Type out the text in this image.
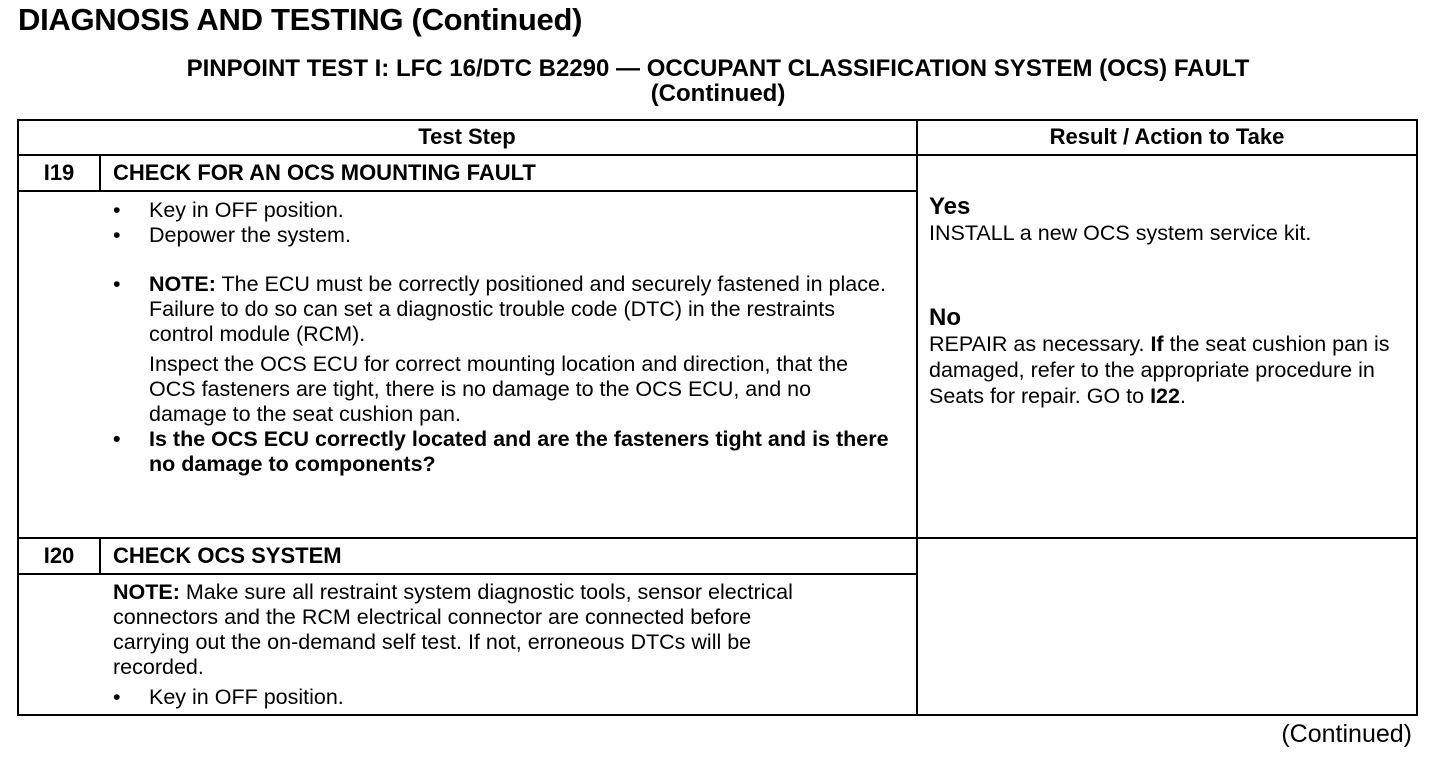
DIAGNOSIS AND TESTING (Continued)
PINPOINT TEST I: LFC 16/DTC B2290 — OCCUPANT CLASSIFICATION SYSTEM (OCS) FAULT
(Continued)
Test Step	Result / Action to Take
I19	CHECK FOR AN OCS MOUNTING FAULT
• Key in OFF position.
• Depower the system.
• NOTE: The ECU must be correctly positioned and securely fastened in place. Failure to do so can set a diagnostic trouble code (DTC) in the restraints control module (RCM).
Inspect the OCS ECU for correct mounting location and direction, that the OCS fasteners are tight, there is no damage to the OCS ECU, and no damage to the seat cushion pan.
• Is the OCS ECU correctly located and are the fasteners tight and is there no damage to components?
Yes
INSTALL a new OCS system service kit.
No
REPAIR as necessary. If the seat cushion pan is damaged, refer to the appropriate procedure in Seats for repair. GO to I22.
I20	CHECK OCS SYSTEM
NOTE: Make sure all restraint system diagnostic tools, sensor electrical connectors and the RCM electrical connector are connected before carrying out the on-demand self test. If not, erroneous DTCs will be recorded.
• Key in OFF position.
(Continued)
